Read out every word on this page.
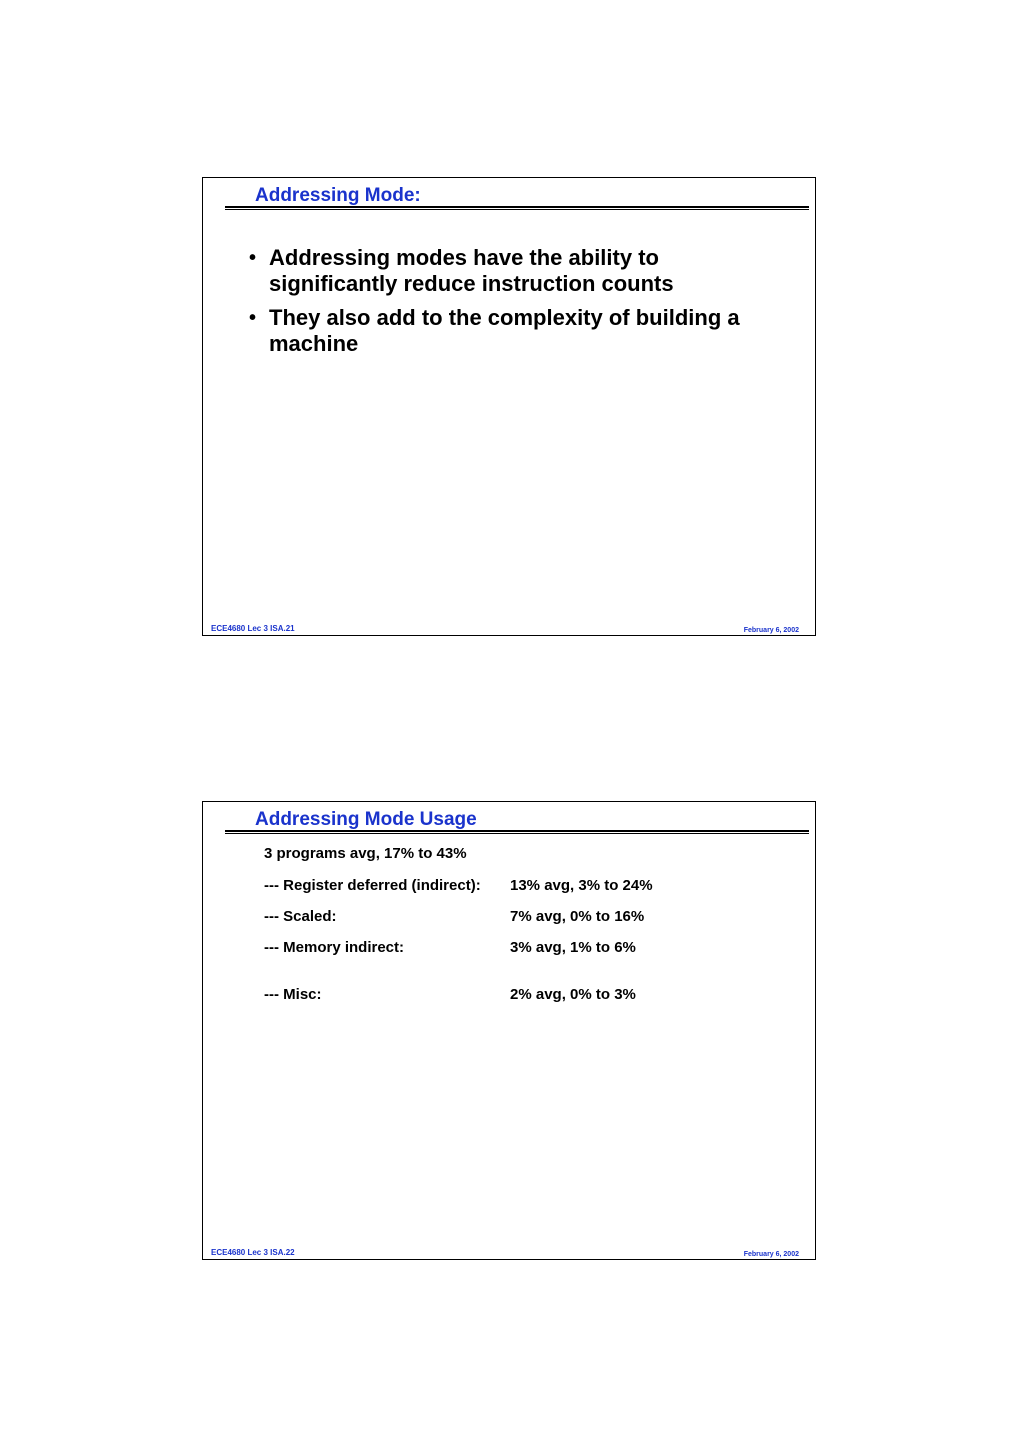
Addressing Mode:
• Addressing modes have the ability to significantly reduce instruction counts
• They also add to the complexity of building a machine
ECE4680 Lec 3 ISA.21	February 6, 2002
Addressing Mode Usage
3 programs avg, 17% to 43%
--- Register deferred (indirect): 13% avg, 3% to 24%
--- Scaled:	7% avg, 0% to 16%
--- Memory indirect:	3% avg, 1% to 6%
--- Misc:	2% avg, 0% to 3%
ECE4680 Lec 3 ISA.22	February 6, 2002
